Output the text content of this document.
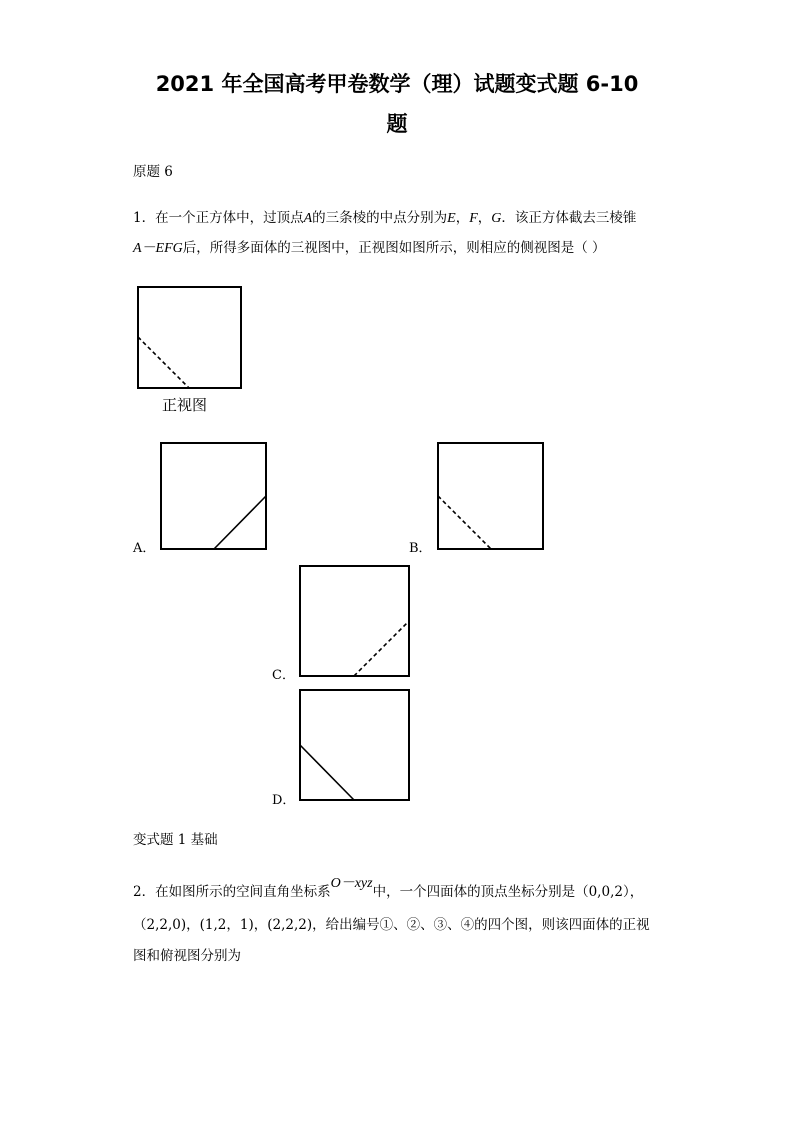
2021 年全国高考甲卷数学（理）试题变式题 6-10
题
原题 6
1．在一个正方体中，过顶点A的三条棱的中点分别为E，F，G．该正方体截去三棱锥
A－EFG后，所得多面体的三视图中，正视图如图所示，则相应的侧视图是（ ）
正视图
A．	B．
C．
D．
变式题 1 基础
2．在如图所示的空间直角坐标系O－xyz中，一个四面体的顶点坐标分别是（0,0,2），
（2,2,0)，(1,2，1)，(2,2,2)，给出编号①、②、③、④的四个图，则该四面体的正视
图和俯视图分别为
